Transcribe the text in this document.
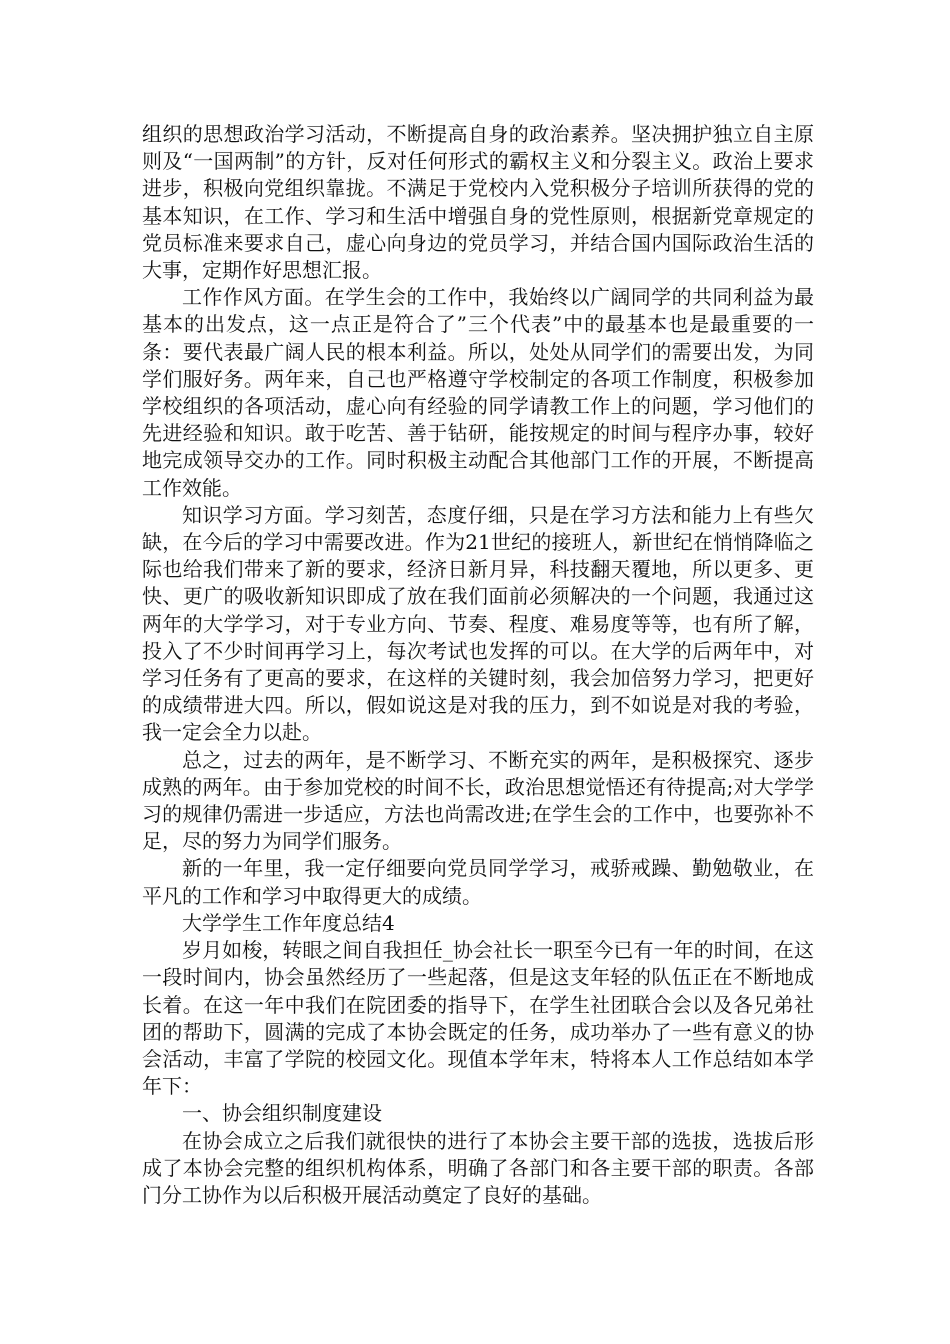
组织的思想政治学习活动，不断提高自身的政治素养。坚决拥护独立自主原则及“一国两制”的方针，反对任何形式的霸权主义和分裂主义。政治上要求进步，积极向党组织靠拢。不满足于党校内入党积极分子培训所获得的党的基本知识，在工作、学习和生活中增强自身的党性原则，根据新党章规定的党员标准来要求自己，虚心向身边的党员学习，并结合国内国际政治生活的大事，定期作好思想汇报。

工作作风方面。在学生会的工作中，我始终以广阔同学的共同利益为最基本的出发点，这一点正是符合了”三个代表”中的最基本也是最重要的一条：要代表最广阔人民的根本利益。所以，处处从同学们的需要出发，为同学们服好务。两年来，自己也严格遵守学校制定的各项工作制度，积极参加学校组织的各项活动，虚心向有经验的同学请教工作上的问题，学习他们的先进经验和知识。敢于吃苦、善于钻研，能按规定的时间与程序办事，较好地完成领导交办的工作。同时积极主动配合其他部门工作的开展，不断提高工作效能。

知识学习方面。学习刻苦，态度仔细，只是在学习方法和能力上有些欠缺，在今后的学习中需要改进。作为21世纪的接班人，新世纪在悄悄降临之际也给我们带来了新的要求，经济日新月异，科技翻天覆地，所以更多、更快、更广的吸收新知识即成了放在我们面前必须解决的一个问题，我通过这两年的大学学习，对于专业方向、节奏、程度、难易度等等，也有所了解，投入了不少时间再学习上，每次考试也发挥的可以。在大学的后两年中，对学习任务有了更高的要求，在这样的关键时刻，我会加倍努力学习，把更好的成绩带进大四。所以，假如说这是对我的压力，到不如说是对我的考验，我一定会全力以赴。

总之，过去的两年，是不断学习、不断充实的两年，是积极探究、逐步成熟的两年。由于参加党校的时间不长，政治思想觉悟还有待提高;对大学学习的规律仍需进一步适应，方法也尚需改进;在学生会的工作中，也要弥补不足，尽的努力为同学们服务。

新的一年里，我一定仔细要向党员同学学习，戒骄戒躁、勤勉敬业，在平凡的工作和学习中取得更大的成绩。

大学学生工作年度总结4

岁月如梭，转眼之间自我担任_协会社长一职至今已有一年的时间，在这一段时间内，协会虽然经历了一些起落，但是这支年轻的队伍正在不断地成长着。在这一年中我们在院团委的指导下，在学生社团联合会以及各兄弟社团的帮助下，圆满的完成了本协会既定的任务，成功举办了一些有意义的协会活动，丰富了学院的校园文化。现值本学年末，特将本人工作总结如本学年下：

一、协会组织制度建设

在协会成立之后我们就很快的进行了本协会主要干部的选拔，选拔后形成了本协会完整的组织机构体系，明确了各部门和各主要干部的职责。各部门分工协作为以后积极开展活动奠定了良好的基础。
